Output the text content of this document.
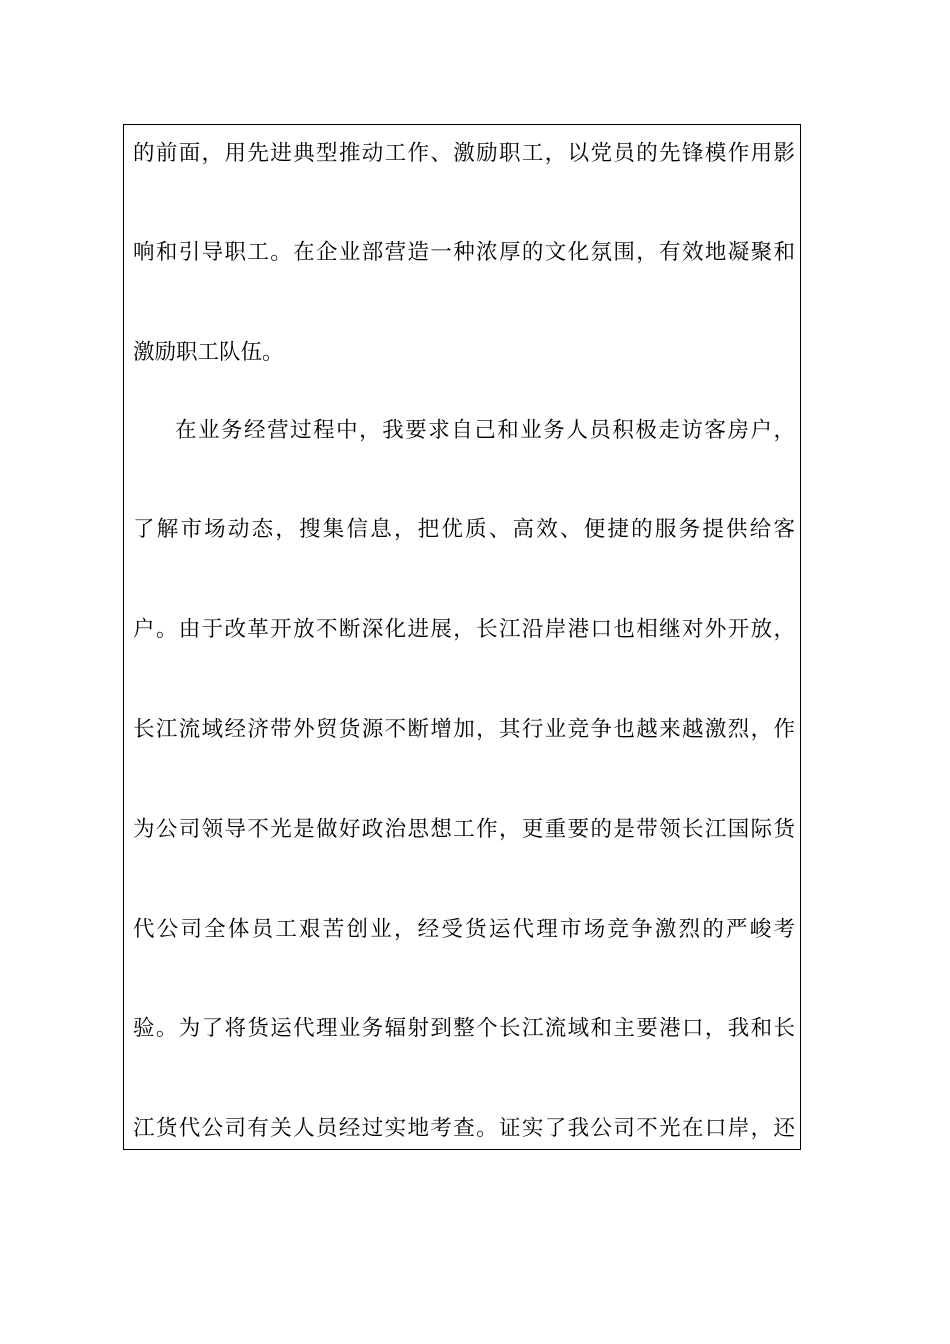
的前面，用先进典型推动工作、激励职工，以党员的先锋模作用影
响和引导职工。在企业部营造一种浓厚的文化氛围，有效地凝聚和
激励职工队伍。
在业务经营过程中，我要求自己和业务人员积极走访客房户，
了解市场动态，搜集信息，把优质、高效、便捷的服务提供给客
户。由于改革开放不断深化进展，长江沿岸港口也相继对外开放，
长江流域经济带外贸货源不断增加，其行业竞争也越来越激烈，作
为公司领导不光是做好政治思想工作，更重要的是带领长江国际货
代公司全体员工艰苦创业，经受货运代理市场竞争激烈的严峻考
验。为了将货运代理业务辐射到整个长江流域和主要港口，我和长
江货代公司有关人员经过实地考查。证实了我公司不光在口岸，还
